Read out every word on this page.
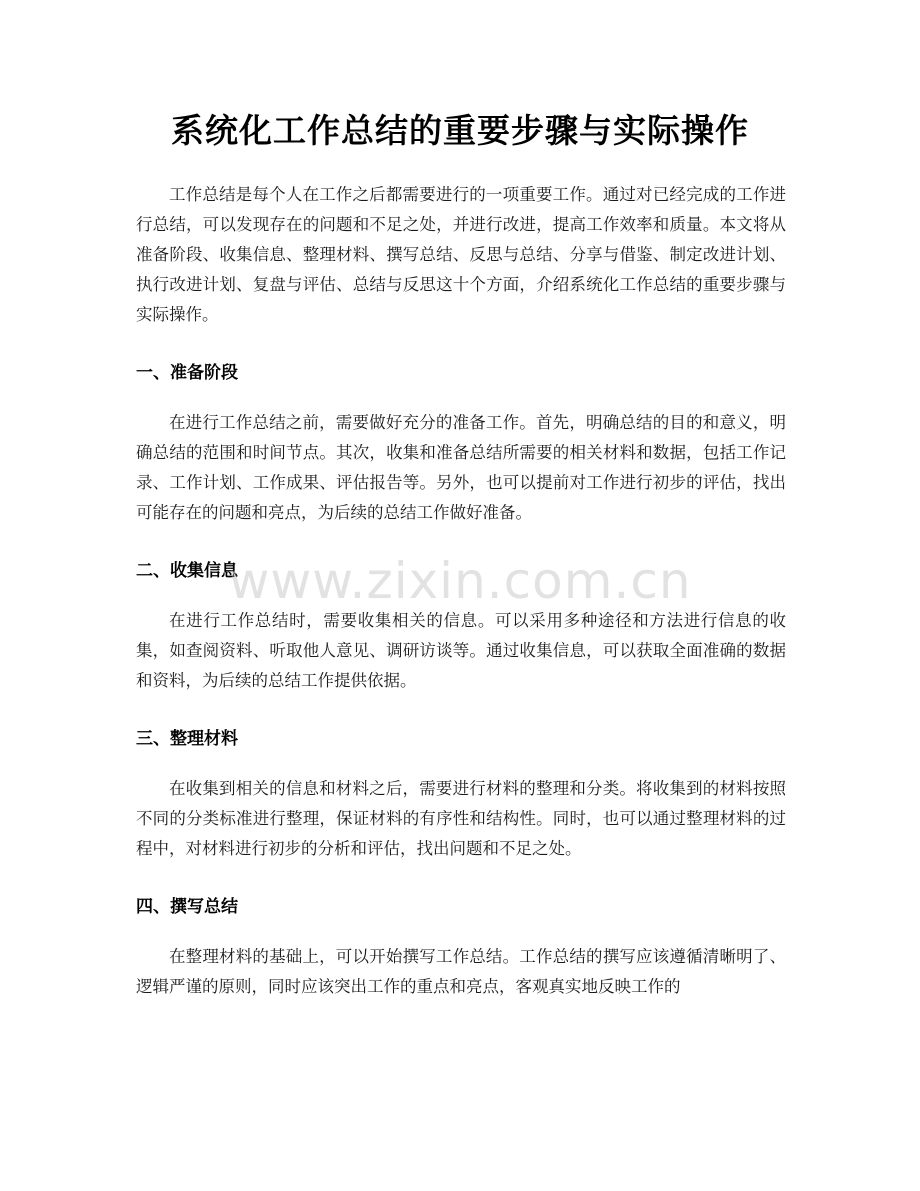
系统化工作总结的重要步骤与实际操作

工作总结是每个人在工作之后都需要进行的一项重要工作。通过对已经完成的工作进行总结，可以发现存在的问题和不足之处，并进行改进，提高工作效率和质量。本文将从准备阶段、收集信息、整理材料、撰写总结、反思与总结、分享与借鉴、制定改进计划、执行改进计划、复盘与评估、总结与反思这十个方面，介绍系统化工作总结的重要步骤与实际操作。

一、准备阶段

在进行工作总结之前，需要做好充分的准备工作。首先，明确总结的目的和意义，明确总结的范围和时间节点。其次，收集和准备总结所需要的相关材料和数据，包括工作记录、工作计划、工作成果、评估报告等。另外，也可以提前对工作进行初步的评估，找出可能存在的问题和亮点，为后续的总结工作做好准备。

二、收集信息

在进行工作总结时，需要收集相关的信息。可以采用多种途径和方法进行信息的收集，如查阅资料、听取他人意见、调研访谈等。通过收集信息，可以获取全面准确的数据和资料，为后续的总结工作提供依据。

三、整理材料

在收集到相关的信息和材料之后，需要进行材料的整理和分类。将收集到的材料按照不同的分类标准进行整理，保证材料的有序性和结构性。同时，也可以通过整理材料的过程中，对材料进行初步的分析和评估，找出问题和不足之处。

四、撰写总结

在整理材料的基础上，可以开始撰写工作总结。工作总结的撰写应该遵循清晰明了、逻辑严谨的原则，同时应该突出工作的重点和亮点，客观真实地反映工作的

www.zixin.com.cn
